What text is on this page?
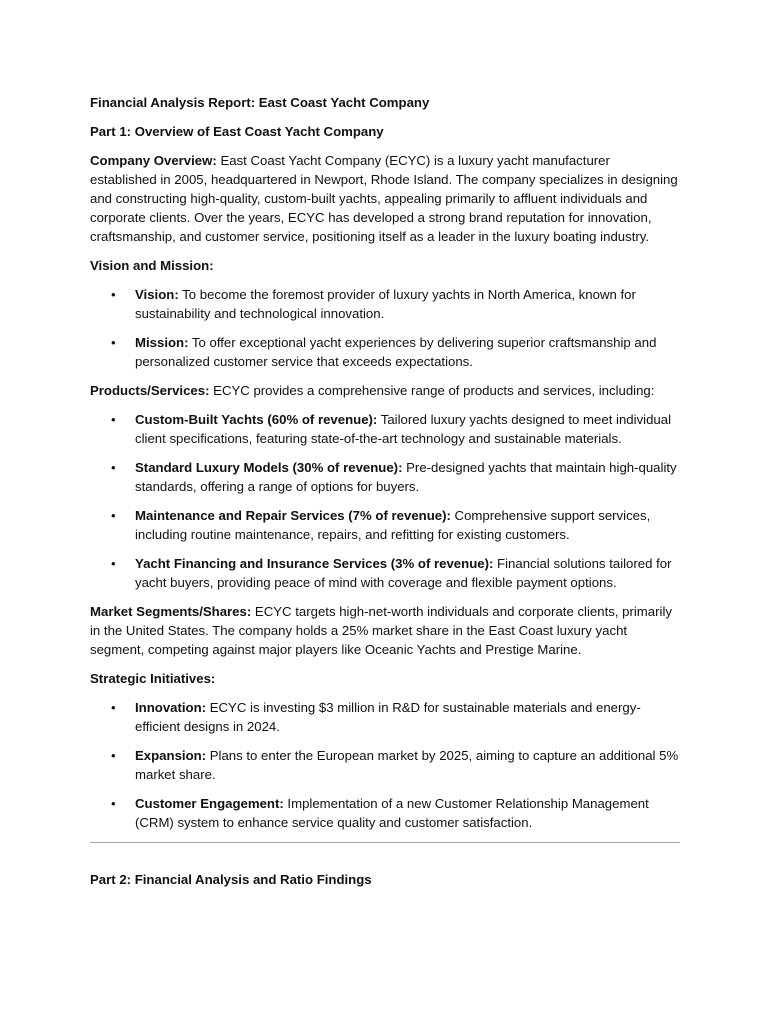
Financial Analysis Report: East Coast Yacht Company

Part 1: Overview of East Coast Yacht Company

Company Overview: East Coast Yacht Company (ECYC) is a luxury yacht manufacturer established in 2005, headquartered in Newport, Rhode Island. The company specializes in designing and constructing high-quality, custom-built yachts, appealing primarily to affluent individuals and corporate clients. Over the years, ECYC has developed a strong brand reputation for innovation, craftsmanship, and customer service, positioning itself as a leader in the luxury boating industry.

Vision and Mission:

• Vision: To become the foremost provider of luxury yachts in North America, known for sustainability and technological innovation.
• Mission: To offer exceptional yacht experiences by delivering superior craftsmanship and personalized customer service that exceeds expectations.

Products/Services: ECYC provides a comprehensive range of products and services, including:

• Custom-Built Yachts (60% of revenue): Tailored luxury yachts designed to meet individual client specifications, featuring state-of-the-art technology and sustainable materials.
• Standard Luxury Models (30% of revenue): Pre-designed yachts that maintain high-quality standards, offering a range of options for buyers.
• Maintenance and Repair Services (7% of revenue): Comprehensive support services, including routine maintenance, repairs, and refitting for existing customers.
• Yacht Financing and Insurance Services (3% of revenue): Financial solutions tailored for yacht buyers, providing peace of mind with coverage and flexible payment options.

Market Segments/Shares: ECYC targets high-net-worth individuals and corporate clients, primarily in the United States. The company holds a 25% market share in the East Coast luxury yacht segment, competing against major players like Oceanic Yachts and Prestige Marine.

Strategic Initiatives:

• Innovation: ECYC is investing $3 million in R&D for sustainable materials and energy-efficient designs in 2024.
• Expansion: Plans to enter the European market by 2025, aiming to capture an additional 5% market share.
• Customer Engagement: Implementation of a new Customer Relationship Management (CRM) system to enhance service quality and customer satisfaction.

Part 2: Financial Analysis and Ratio Findings
